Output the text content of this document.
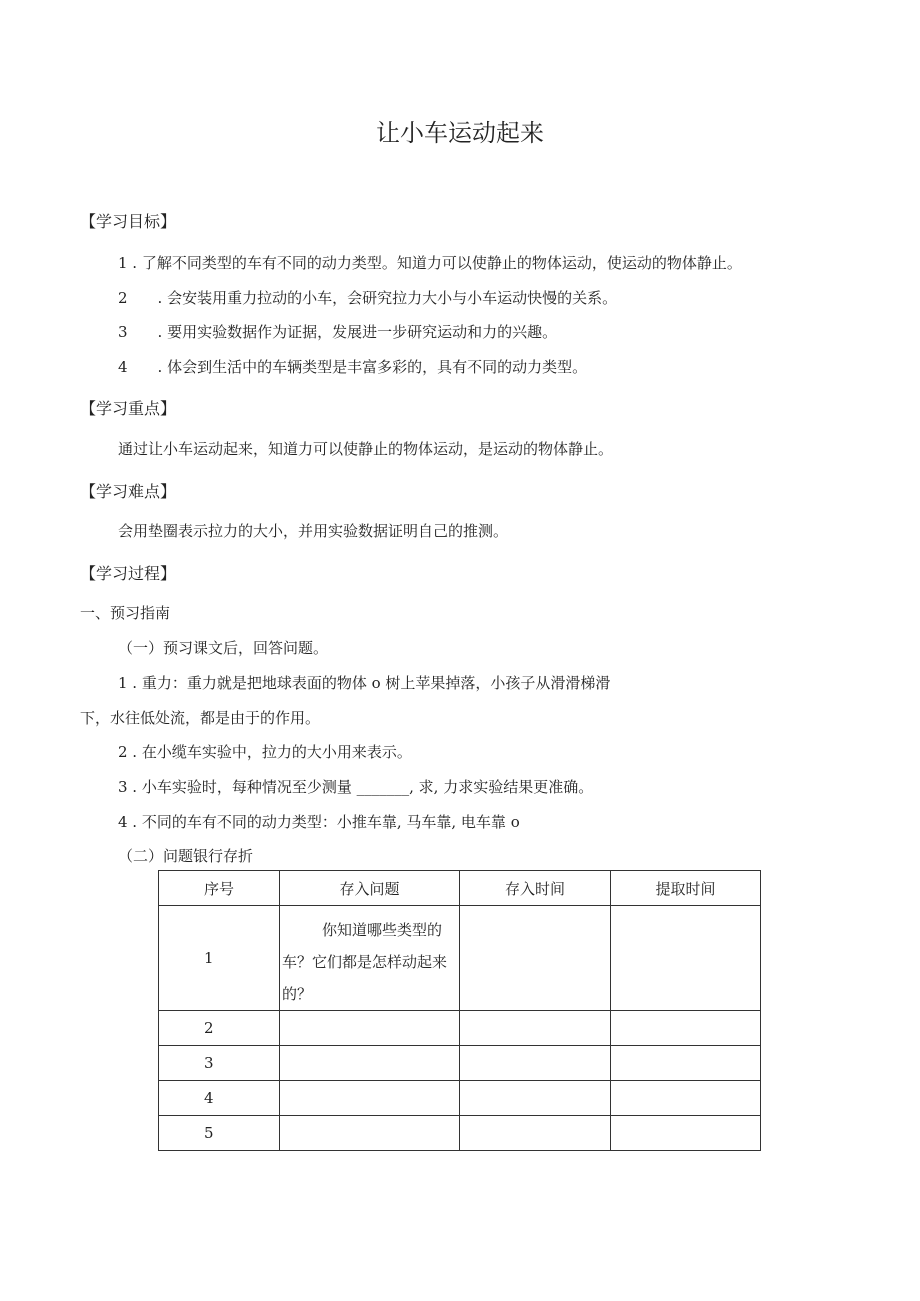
让小车运动起来
【学习目标】
1 . 了解不同类型的车有不同的动力类型。知道力可以使静止的物体运动，使运动的物体静止。
2　　. 会安装用重力拉动的小车，会研究拉力大小与小车运动快慢的关系。
3　　. 要用实验数据作为证据，发展进一步研究运动和力的兴趣。
4　　. 体会到生活中的车辆类型是丰富多彩的，具有不同的动力类型。
【学习重点】
通过让小车运动起来，知道力可以使静止的物体运动，是运动的物体静止。
【学习难点】
会用垫圈表示拉力的大小，并用实验数据证明自己的推测。
【学习过程】
一、预习指南
（一）预习课文后，回答问题。
1 . 重力：重力就是把地球表面的物体 o 树上苹果掉落，小孩子从滑滑梯滑
下，水往低处流，都是由于的作用。
2 . 在小缆车实验中，拉力的大小用来表示。
3 . 小车实验时，每种情况至少测量 _______, 求, 力求实验结果更准确。
4 . 不同的车有不同的动力类型：小推车靠, 马车靠, 电车靠 o
（二）问题银行存折
序号	存入问题	存入时间	提取时间
1	你知道哪些类型的车？它们都是怎样动起来的？		

2			
3			
4			
5			
